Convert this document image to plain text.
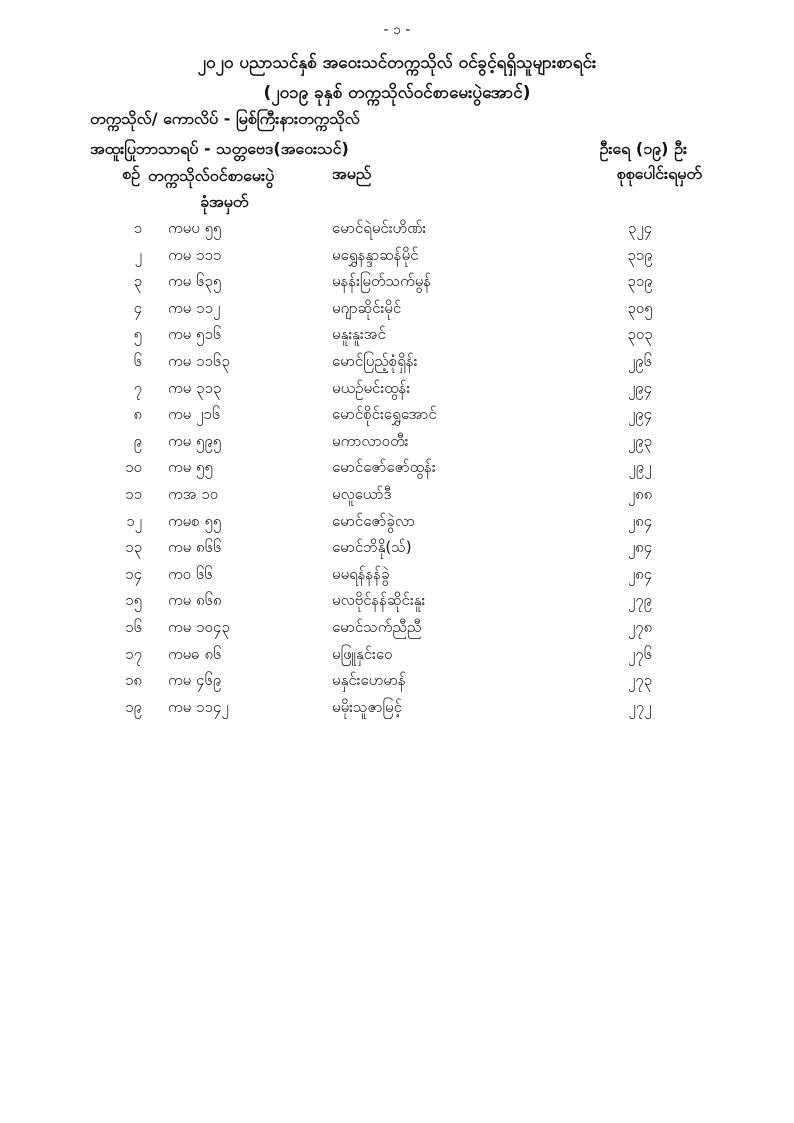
- ၁ -
၂၀၂၀ ပညာသင်နှစ် အဝေးသင်တက္ကသိုလ် ဝင်ခွင့်ရရှိသူများစာရင်း
(၂၀၁၉ ခုနှစ် တက္ကသိုလ်ဝင်စာမေးပွဲအောင်)
တက္ကသိုလ်/ ကောလိပ် - မြစ်ကြီးနားတက္ကသိုလ်
အထူးပြုဘာသာရပ် - သတ္တဗေဒ(အဝေးသင်)	ဦးရေ (၁၉) ဦး
စဉ် တက္ကသိုလ်ဝင်စာမေးပွဲ
ခုံအမှတ်
အမည်	စုစုပေါင်းရမှတ်
၁ ကမပ ၅၅	မောင်ရဲမင်းဟိဏ်း	၃၂၄
၂ ကမ ၁၁၁	မရွှေနန္ဒာဆန်မိုင်	၃၁၉
၃ ကမ ၆၃၅	မနန်းမြတ်သက်မွန်	၃၁၉
၄ ကမ ၁၁၂	မဂျာဆိုင်းမိုင်	၃၀၅
၅ ကမ ၅၁၆	မနူးနူးအင်	၃၀၃
၆ ကမ ၁၁၆၃	မောင်ပြည့်စုံရှိန်း	၂၉၆
၇ ကမ ၃၁၃	မယဉ်မင်းထွန်း	၂၉၄
၈ ကမ ၂၁၆	မောင်စိုင်းရွှေအောင်	၂၉၄
၉ ကမ ၅၉၅	မကာလာဝတီး	၂၉၃
၁၀ ကမ ၅၅	မောင်ဇော်ဇော်ထွန်း	၂၉၂
၁၁ ကအ ၁၀	မလူယော်ဒီ	၂၈၈
၁၂ ကမစ ၅၅	မောင်ဇော်ခွဲလာ	၂၈၄
၁၃ ကမ ၈၆၆	မောင်ဘိနို(သ်)	၂၈၄
၁၄ ကဝ ၆၆	မမရန်နန်ခွဲ	၂၈၄
၁၅ ကမ ၈၆၈	မလဗိုင်နန်ဆိုင်းနူး	၂၇၉
၁၆ ကမ ၁၀၄၃	မောင်သက်ညီညီ	၂၇၈
၁၇ ကမဓ ၈၆	မဖြူနှင်းဝေ	၂၇၆
၁၈ ကမ ၄၆၉	မနှင်းဟေမာန်	၂၇၃
၁၉ ကမ ၁၁၄၂	မမိုးသူဇာမြင့်	၂၇၂
